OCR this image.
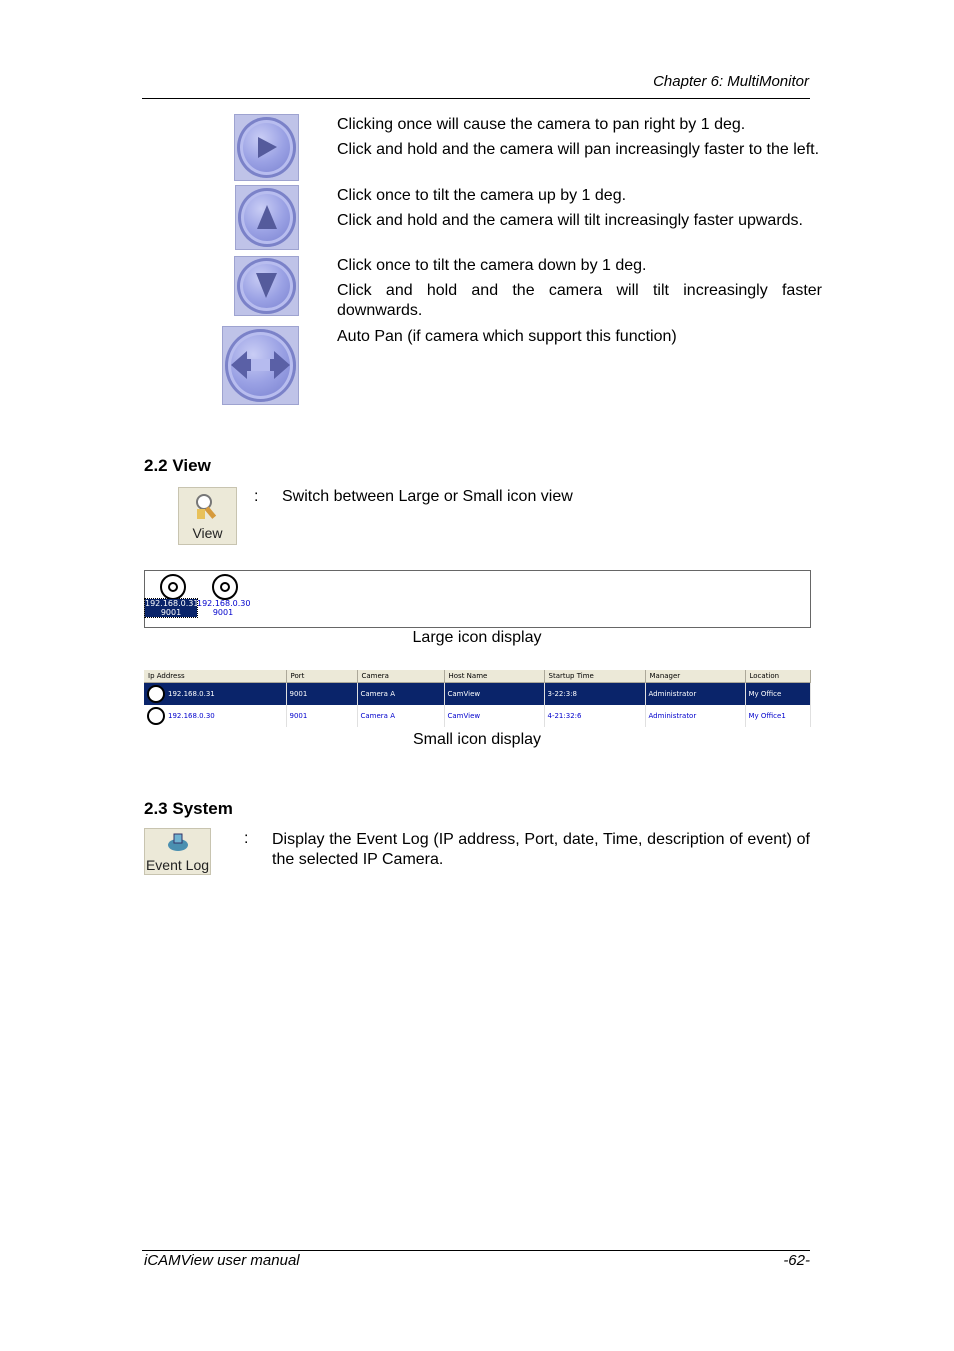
Chapter 6: MultiMonitor

Clicking once will cause the camera to pan right by 1 deg.

Click and hold and the camera will pan increasingly faster to the left.

Click once to tilt the camera up by 1 deg.

Click and hold and the camera will tilt increasingly faster upwards.

Click once to tilt the camera down by 1 deg.

Click and hold and the camera will tilt increasingly faster downwards.

Auto Pan (if camera which support this function)

2.2 View
View
: Switch between Large or Small icon view
192.168.0.31
9001
192.168.0.30
9001
Large icon display
Ip Address	Port	Camera	Host Name	Startup Time	Manager	Location
192.168.0.31	9001	Camera A	CamView	3-22:3:8	Administrator	My Office
192.168.0.30	9001	Camera A	CamView	4-21:32:6	Administrator	My Office1
Small icon display
2.3 System
Event Log
: Display the Event Log (IP address, Port, date, Time, description of event) of the selected IP Camera.
iCAMView user manual	-62-
